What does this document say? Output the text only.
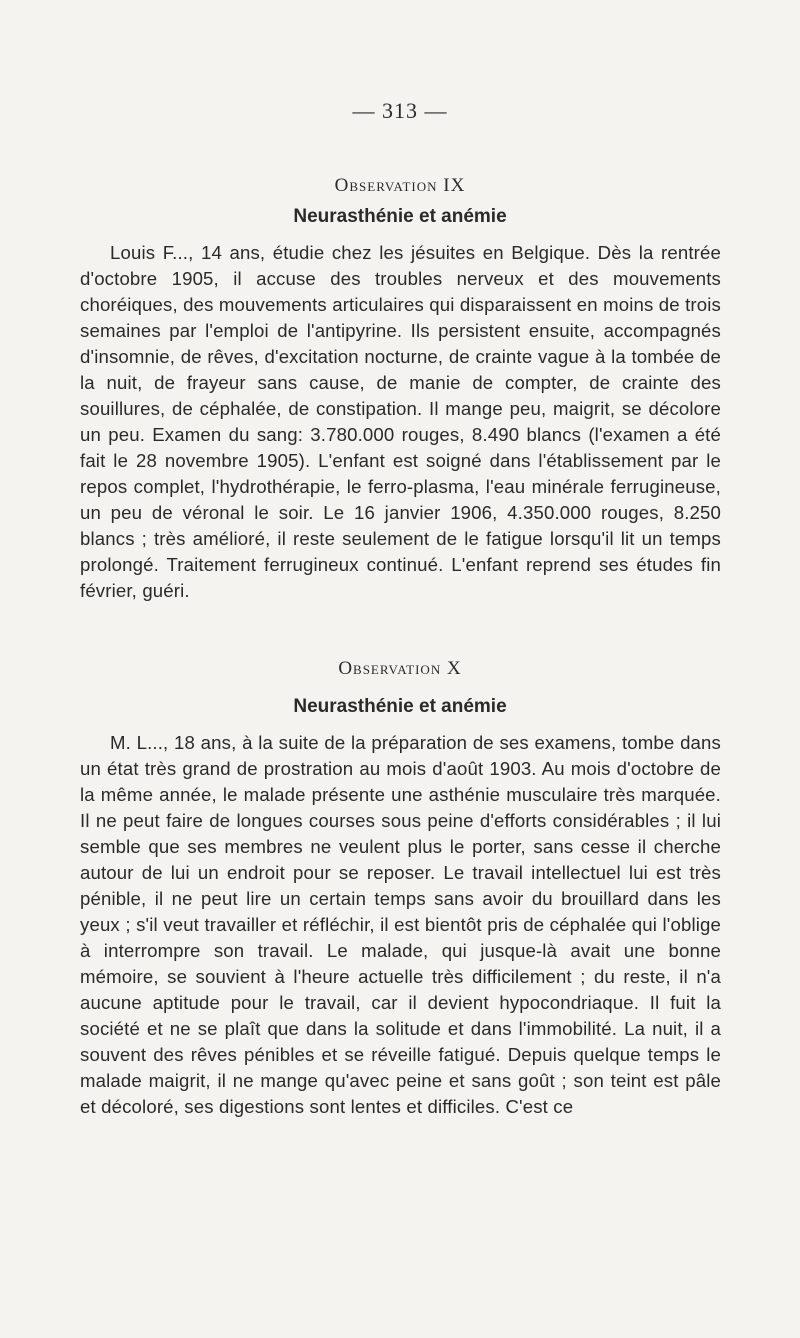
— 313 —
Observation IX
Neurasthénie et anémie
Louis F..., 14 ans, étudie chez les jésuites en Belgique. Dès la rentrée d'octobre 1905, il accuse des troubles nerveux et des mouvements choréiques, des mouvements articulaires qui disparaissent en moins de trois semaines par l'emploi de l'antipyrine. Ils persistent ensuite, accompagnés d'insomnie, de rêves, d'excitation nocturne, de crainte vague à la tombée de la nuit, de frayeur sans cause, de manie de compter, de crainte des souillures, de céphalée, de constipation. Il mange peu, maigrit, se décolore un peu. Examen du sang: 3.780.000 rouges, 8.490 blancs (l'examen a été fait le 28 novembre 1905). L'enfant est soigné dans l'établissement par le repos complet, l'hydrothérapie, le ferro-plasma, l'eau minérale ferrugineuse, un peu de véronal le soir. Le 16 janvier 1906, 4.350.000 rouges, 8.250 blancs ; très amélioré, il reste seulement de le fatigue lorsqu'il lit un temps prolongé. Traitement ferrugineux continué. L'enfant reprend ses études fin février, guéri.
Observation X
Neurasthénie et anémie
M. L..., 18 ans, à la suite de la préparation de ses examens, tombe dans un état très grand de prostration au mois d'août 1903. Au mois d'octobre de la même année, le malade présente une asthénie musculaire très marquée. Il ne peut faire de longues courses sous peine d'efforts considérables ; il lui semble que ses membres ne veulent plus le porter, sans cesse il cherche autour de lui un endroit pour se reposer. Le travail intellectuel lui est très pénible, il ne peut lire un certain temps sans avoir du brouillard dans les yeux ; s'il veut travailler et réfléchir, il est bientôt pris de céphalée qui l'oblige à interrompre son travail. Le malade, qui jusque-là avait une bonne mémoire, se souvient à l'heure actuelle très difficilement ; du reste, il n'a aucune aptitude pour le travail, car il devient hypocondriaque. Il fuit la société et ne se plaît que dans la solitude et dans l'immobilité. La nuit, il a souvent des rêves pénibles et se réveille fatigué. Depuis quelque temps le malade maigrit, il ne mange qu'avec peine et sans goût ; son teint est pâle et décoloré, ses digestions sont lentes et difficiles. C'est ce
